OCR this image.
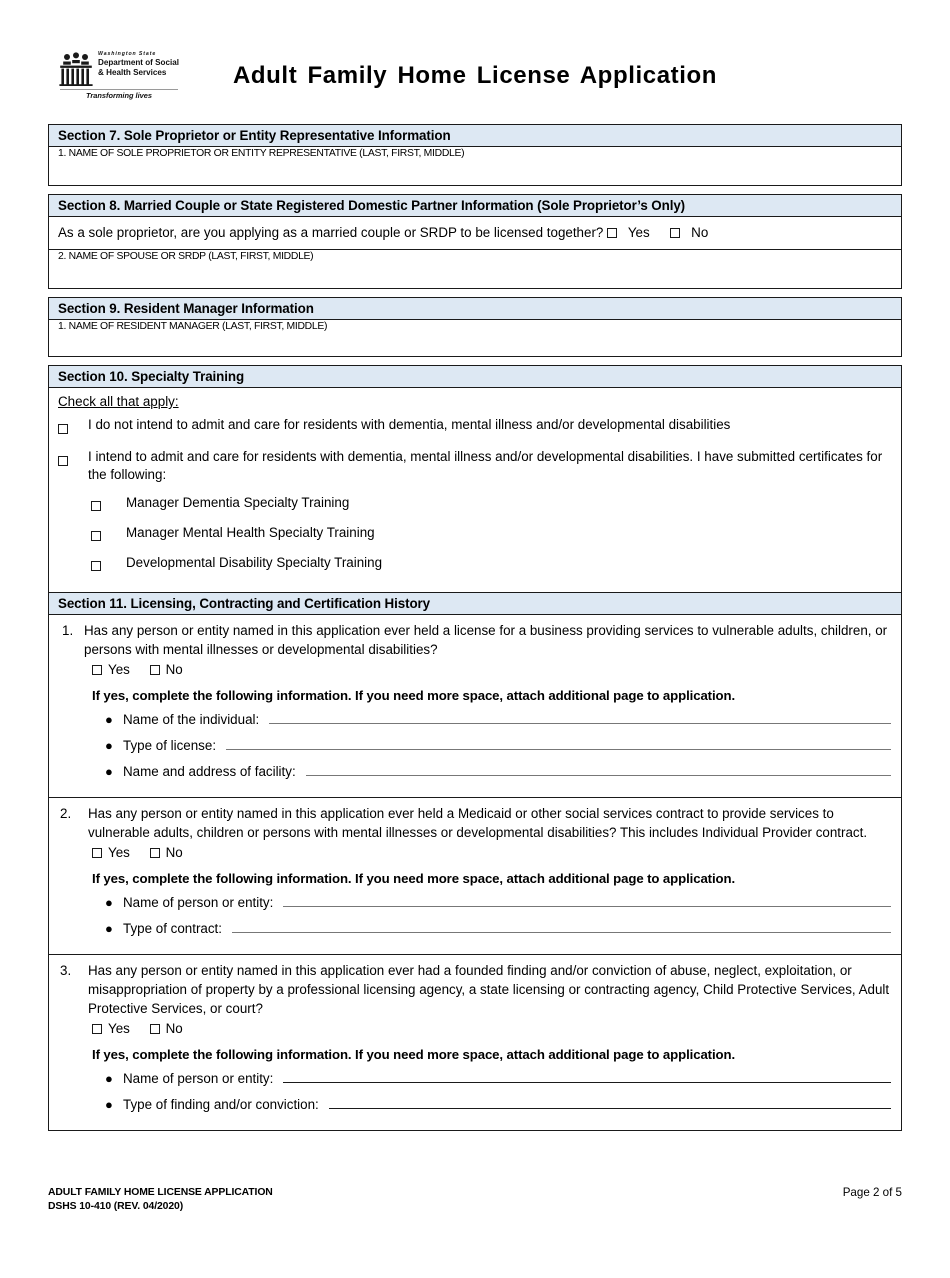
Washington State
Department of Social
& Health Services
Transforming lives
Adult Family Home License Application
Section 7. Sole Proprietor or Entity Representative Information
1. NAME OF SOLE PROPRIETOR OR ENTITY REPRESENTATIVE (LAST, FIRST, MIDDLE)
Section 8. Married Couple or State Registered Domestic Partner Information (Sole Proprietor’s Only)
As a sole proprietor, are you applying as a married couple or SRDP to be licensed together? Yes	No
2. NAME OF SPOUSE OR SRDP (LAST, FIRST, MIDDLE)
Section 9. Resident Manager Information
1. NAME OF RESIDENT MANAGER (LAST, FIRST, MIDDLE)
Section 10. Specialty Training
Check all that apply:
I do not intend to admit and care for residents with dementia, mental illness and/or developmental disabilities
I intend to admit and care for residents with dementia, mental illness and/or developmental disabilities. I have submitted certificates for the following:
Manager Dementia Specialty Training
Manager Mental Health Specialty Training
Developmental Disability Specialty Training
Section 11. Licensing, Contracting and Certification History
1. Has any person or entity named in this application ever held a license for a business providing services to vulnerable adults, children, or persons with mental illnesses or developmental disabilities?
Yes	No
If yes, complete the following information. If you need more space, attach additional page to application.
● Name of the individual:
● Type of license:
● Name and address of facility:
2.	Has any person or entity named in this application ever held a Medicaid or other social services contract to provide services to vulnerable adults, children or persons with mental illnesses or developmental disabilities? This includes Individual Provider contract.
Yes	No
If yes, complete the following information. If you need more space, attach additional page to application.
● Name of person or entity:
● Type of contract:
3.	Has any person or entity named in this application ever had a founded finding and/or conviction of abuse, neglect, exploitation, or misappropriation of property by a professional licensing agency, a state licensing or contracting agency, Child Protective Services, Adult Protective Services, or court?
Yes	No
If yes, complete the following information. If you need more space, attach additional page to application.
● Name of person or entity:
● Type of finding and/or conviction:
ADULT FAMILY HOME LICENSE APPLICATION
DSHS 10-410 (REV. 04/2020)
Page 2 of 5
